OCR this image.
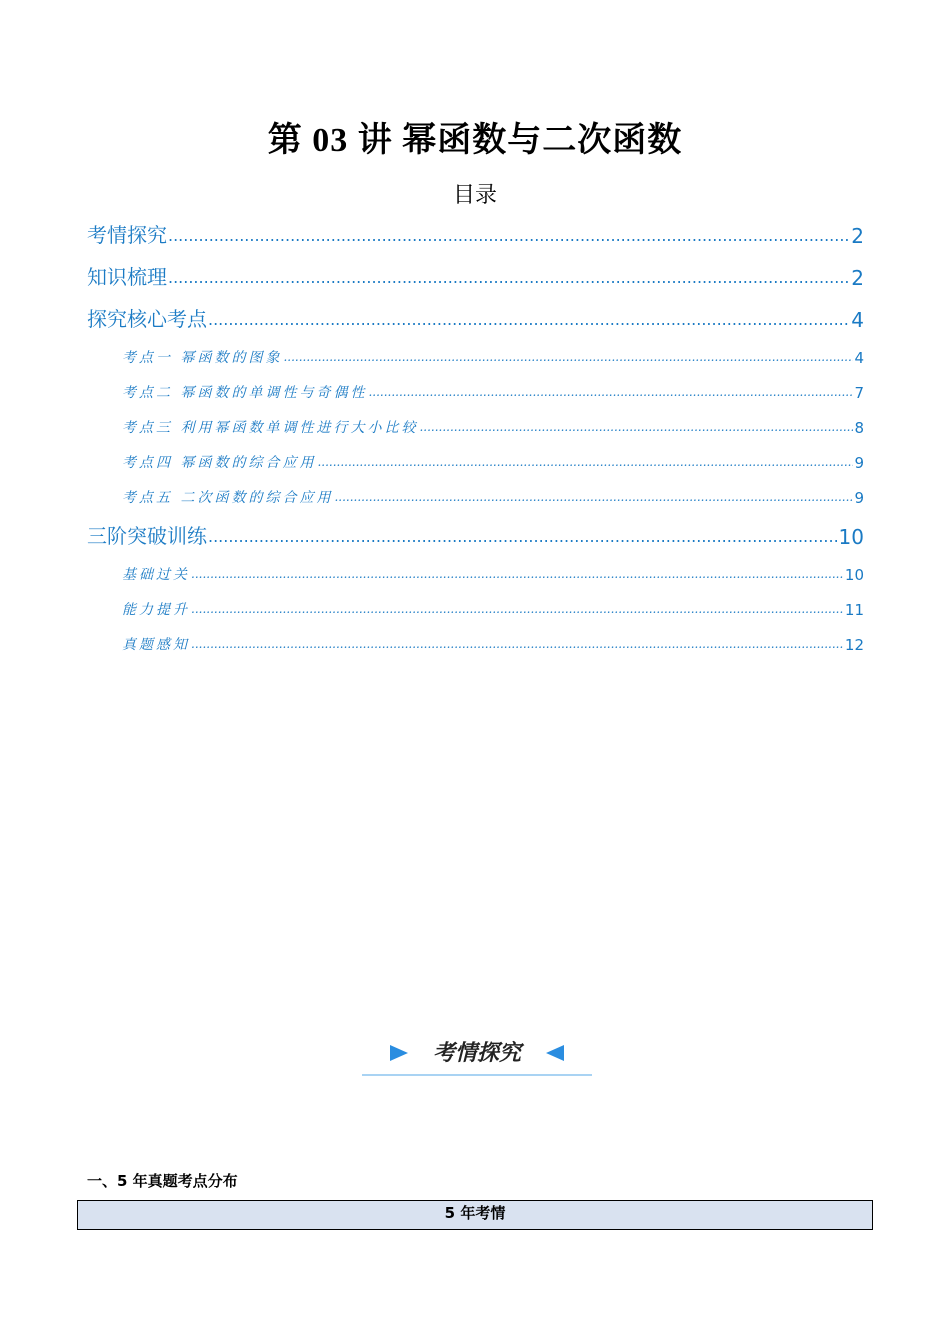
第 03 讲 幂函数与二次函数
目录
考情探究 .....	2
知识梳理 .....	2
探究核心考点 .....	4
考点一 幂函数的图象 .....	4
考点二 幂函数的单调性与奇偶性 .....	7
考点三 利用幂函数单调性进行大小比较 .....	8
考点四 幂函数的综合应用 .....	9
考点五 二次函数的综合应用 .....	9
三阶突破训练 .....	10
基础过关 .....	10
能力提升 .....	11
真题感知 .....	12
考情探究
一、5 年真题考点分布
5 年考情
